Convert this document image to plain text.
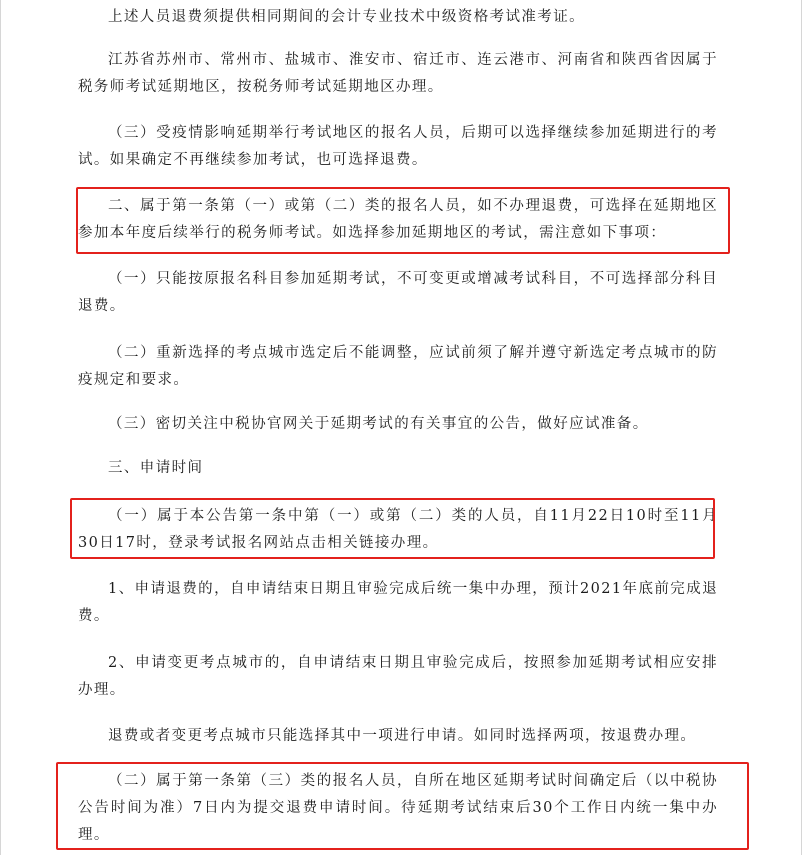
上述人员退费须提供相同期间的会计专业技术中级资格考试准考证。

江苏省苏州市、常州市、盐城市、淮安市、宿迁市、连云港市、河南省和陕西省因属于税务师考试延期地区，按税务师考试延期地区办理。

（三）受疫情影响延期举行考试地区的报名人员，后期可以选择继续参加延期进行的考试。如果确定不再继续参加考试，也可选择退费。

二、属于第一条第（一）或第（二）类的报名人员，如不办理退费，可选择在延期地区参加本年度后续举行的税务师考试。如选择参加延期地区的考试，需注意如下事项：

（一）只能按原报名科目参加延期考试，不可变更或增减考试科目，不可选择部分科目退费。

（二）重新选择的考点城市选定后不能调整，应试前须了解并遵守新选定考点城市的防疫规定和要求。

（三）密切关注中税协官网关于延期考试的有关事宜的公告，做好应试准备。

三、申请时间

（一）属于本公告第一条中第（一）或第（二）类的人员，自11月22日10时至11月30日17时，登录考试报名网站点击相关链接办理。

1、申请退费的，自申请结束日期且审验完成后统一集中办理，预计2021年底前完成退费。

2、申请变更考点城市的，自申请结束日期且审验完成后，按照参加延期考试相应安排办理。

退费或者变更考点城市只能选择其中一项进行申请。如同时选择两项，按退费办理。

（二）属于第一条第（三）类的报名人员，自所在地区延期考试时间确定后（以中税协公告时间为准）7日内为提交退费申请时间。待延期考试结束后30个工作日内统一集中办理。
